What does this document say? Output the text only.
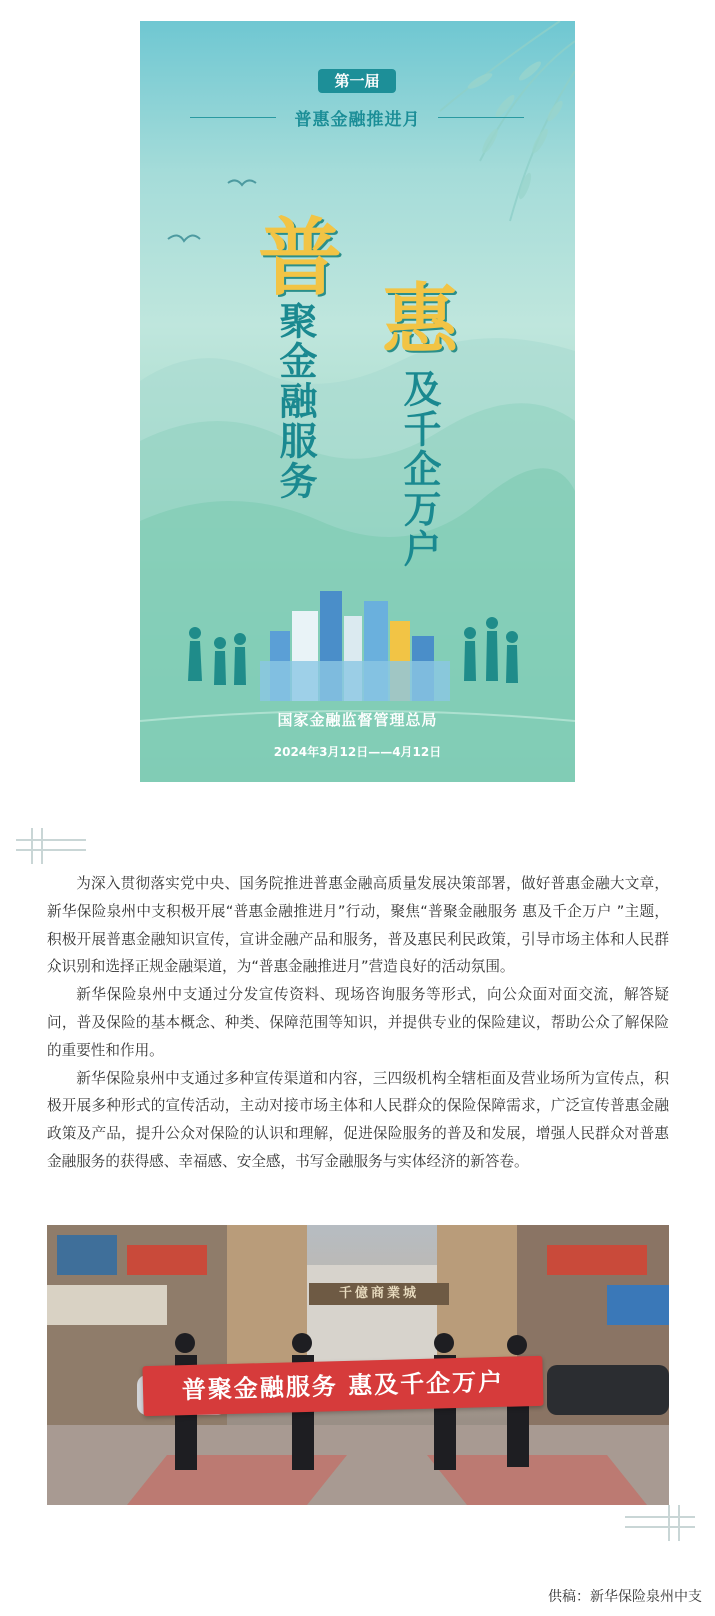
第一届
普惠金融推进月
普
惠
聚金融服务 及千企万户
国家金融监督管理总局
2024年3月12日——4月12日

为深入贯彻落实党中央、国务院推进普惠金融高质量发展决策部署，做好普惠金融大文章，新华保险泉州中支积极开展“普惠金融推进月”行动，聚焦“普聚金融服务 惠及千企万户 ”主题，积极开展普惠金融知识宣传，宣讲金融产品和服务，普及惠民利民政策，引导市场主体和人民群众识别和选择正规金融渠道，为“普惠金融推进月”营造良好的活动氛围。

新华保险泉州中支通过分发宣传资料、现场咨询服务等形式，向公众面对面交流，解答疑问，普及保险的基本概念、种类、保障范围等知识，并提供专业的保险建议，帮助公众了解保险的重要性和作用。

新华保险泉州中支通过多种宣传渠道和内容，三四级机构全辖柜面及营业场所为宣传点，积极开展多种形式的宣传活动，主动对接市场主体和人民群众的保险保障需求，广泛宣传普惠金融政策及产品，提升公众对保险的认识和理解，促进保险服务的普及和发展，增强人民群众对普惠金融服务的获得感、幸福感、安全感，书写金融服务与实体经济的新答卷。

千億商業城
普聚金融服务 惠及千企万户
供稿：新华保险泉州中支
